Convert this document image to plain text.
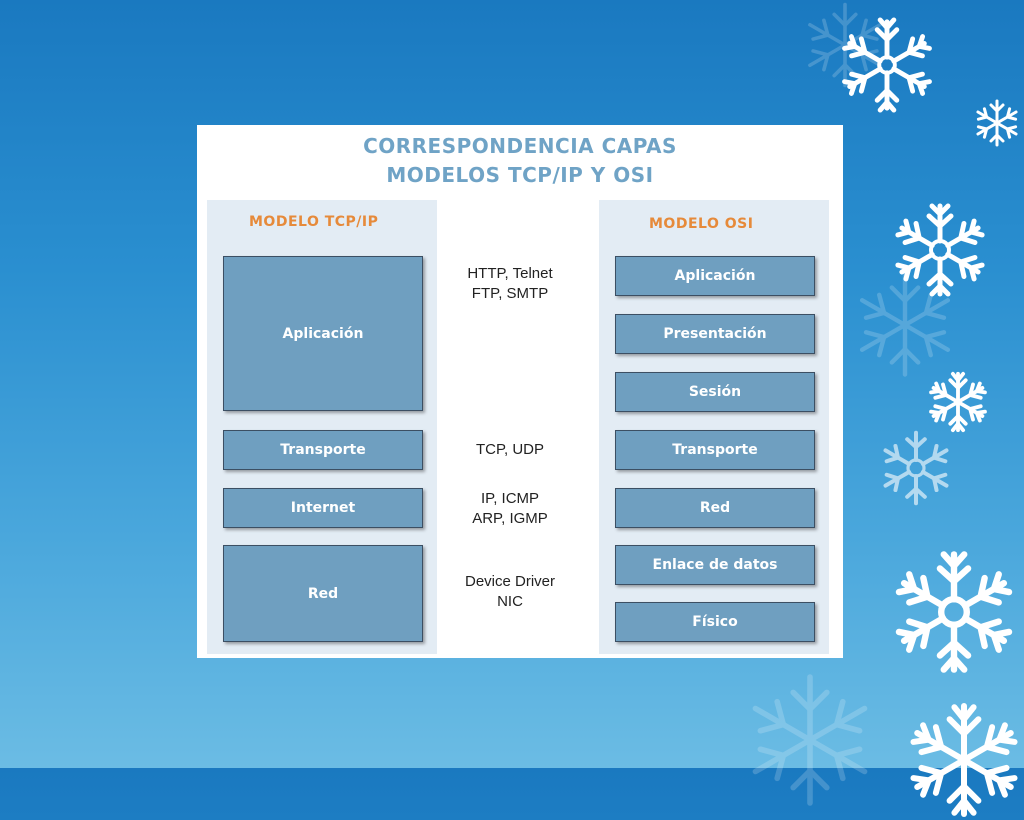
CORRESPONDENCIA CAPAS
MODELOS TCP/IP Y OSI
MODELO TCP/IP
Aplicación
Transporte
Internet
Red
MODELO OSI
Aplicación
Presentación
Sesión
Transporte
Red
Enlace de datos
Físico
HTTP, Telnet
FTP, SMTP
TCP, UDP
IP, ICMP
ARP, IGMP
Device Driver
NIC
